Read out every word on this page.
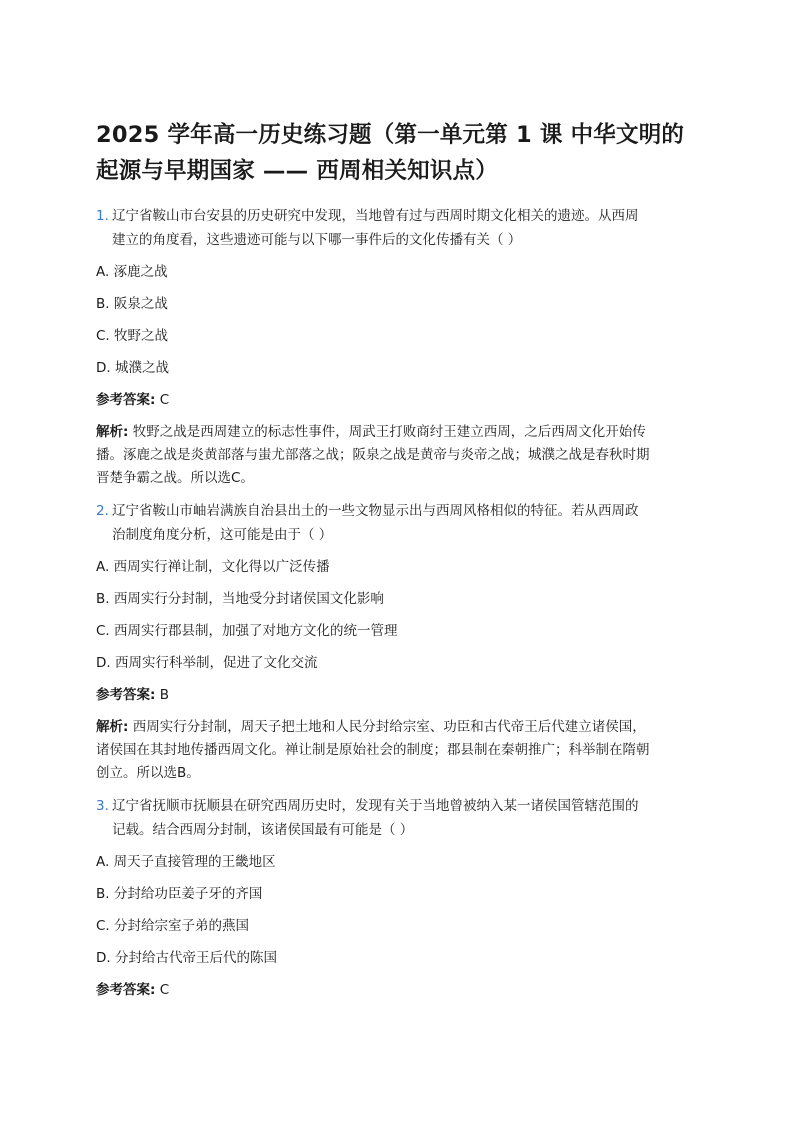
2025 学年高一历史练习题（第一单元第 1 课 中华文明的
起源与早期国家 —— 西周相关知识点）
1. 辽宁省鞍山市台安县的历史研究中发现，当地曾有过与西周时期文化相关的遗迹。从西周
建立的角度看，这些遗迹可能与以下哪一事件后的文化传播有关（ ）
A. 涿鹿之战
B. 阪泉之战
C. 牧野之战
D. 城濮之战
参考答案: C
解析: 牧野之战是西周建立的标志性事件，周武王打败商纣王建立西周，之后西周文化开始传
播。涿鹿之战是炎黄部落与蚩尤部落之战；阪泉之战是黄帝与炎帝之战；城濮之战是春秋时期
晋楚争霸之战。所以选C。
2. 辽宁省鞍山市岫岩满族自治县出土的一些文物显示出与西周风格相似的特征。若从西周政
治制度角度分析，这可能是由于（ ）
A. 西周实行禅让制，文化得以广泛传播
B. 西周实行分封制，当地受分封诸侯国文化影响
C. 西周实行郡县制，加强了对地方文化的统一管理
D. 西周实行科举制，促进了文化交流
参考答案: B
解析: 西周实行分封制，周天子把土地和人民分封给宗室、功臣和古代帝王后代建立诸侯国，
诸侯国在其封地传播西周文化。禅让制是原始社会的制度；郡县制在秦朝推广；科举制在隋朝
创立。所以选B。
3. 辽宁省抚顺市抚顺县在研究西周历史时，发现有关于当地曾被纳入某一诸侯国管辖范围的
记载。结合西周分封制，该诸侯国最有可能是（ ）
A. 周天子直接管理的王畿地区
B. 分封给功臣姜子牙的齐国
C. 分封给宗室子弟的燕国
D. 分封给古代帝王后代的陈国
参考答案: C
